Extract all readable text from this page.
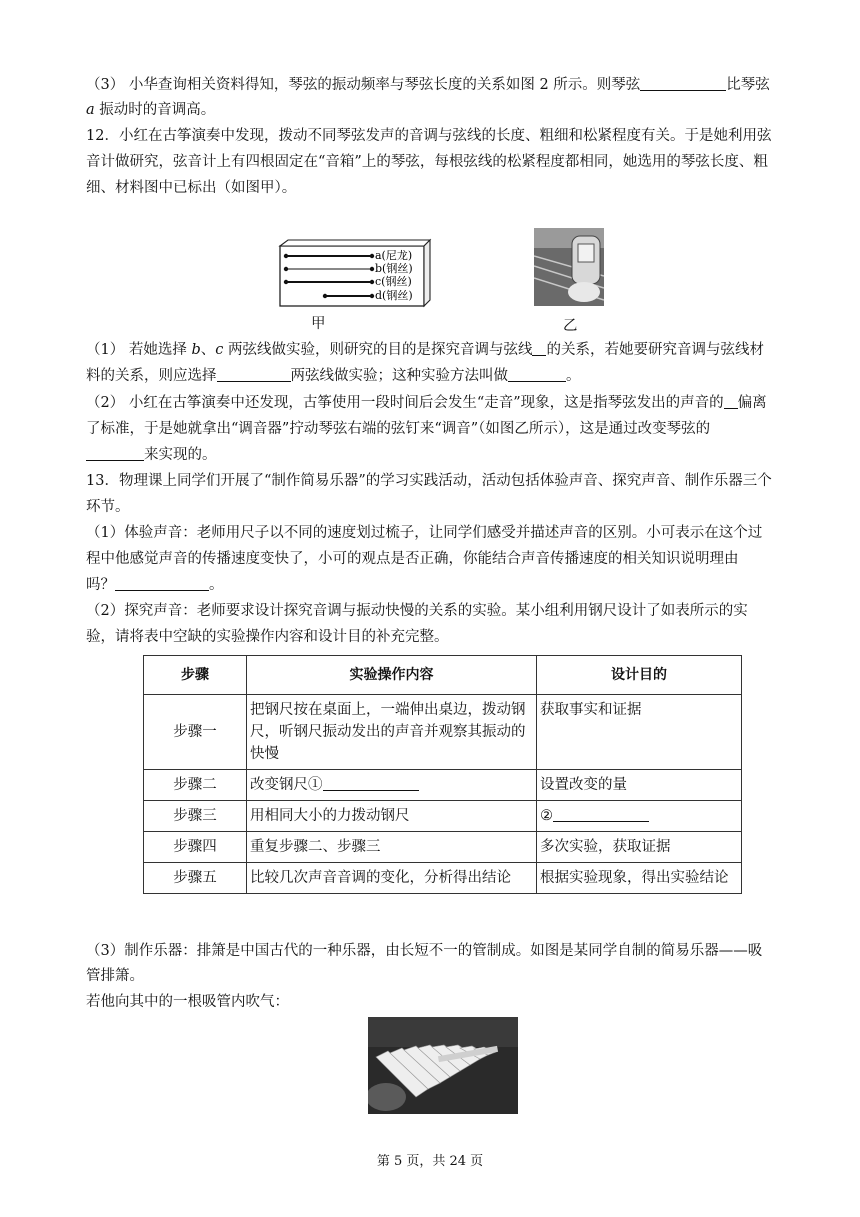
（3） 小华查询相关资料得知，琴弦的振动频率与琴弦长度的关系如图 2 所示。则琴弦	比琴弦
a 振动时的音调高。
12．小红在古筝演奏中发现，拨动不同琴弦发声的音调与弦线的长度、粗细和松紧程度有关。于是她利用弦
音计做研究，弦音计上有四根固定在“音箱”上的琴弦，每根弦线的松紧程度都相同，她选用的琴弦长度、粗
细、材料图中已标出（如图甲）。
a(尼龙)
b(钢丝)
c(钢丝)
d(钢丝)
甲	乙
（1） 若她选择 b、c 两弦线做实验，则研究的目的是探究音调与弦线 的关系，若她要研究音调与弦线材
料的关系，则应选择	两弦线做实验；这种实验方法叫做	。
（2） 小红在古筝演奏中还发现，古筝使用一段时间后会发生“走音”现象，这是指琴弦发出的声音的 偏离
了标准，于是她就拿出“调音器”拧动琴弦右端的弦钉来“调音”（如图乙所示），这是通过改变琴弦的
来实现的。
13．物理课上同学们开展了“制作简易乐器”的学习实践活动，活动包括体验声音、探究声音、制作乐器三个
环节。
（1）体验声音：老师用尺子以不同的速度划过梳子，让同学们感受并描述声音的区别。小可表示在这个过
程中他感觉声音的传播速度变快了，小可的观点是否正确，你能结合声音传播速度的相关知识说明理由
吗？	。
（2）探究声音：老师要求设计探究音调与振动快慢的关系的实验。某小组利用钢尺设计了如表所示的实
验，请将表中空缺的实验操作内容和设计目的补充完整。
步骤	实验操作内容	设计目的
步骤一	把钢尺按在桌面上，一端伸出桌边，拨动钢尺，听钢尺振动发出的声音并观察其振动的快慢	获取事实和证据
步骤二	改变钢尺①	设置改变的量
步骤三	用相同大小的力拨动钢尺	②
步骤四	重复步骤二、步骤三	多次实验，获取证据
步骤五	比较几次声音音调的变化，分析得出结论	根据实验现象，得出实验结论
（3）制作乐器：排箫是中国古代的一种乐器，由长短不一的管制成。如图是某同学自制的简易乐器——吸
管排箫。
若他向其中的一根吸管内吹气：
第 5 页，共 24 页
